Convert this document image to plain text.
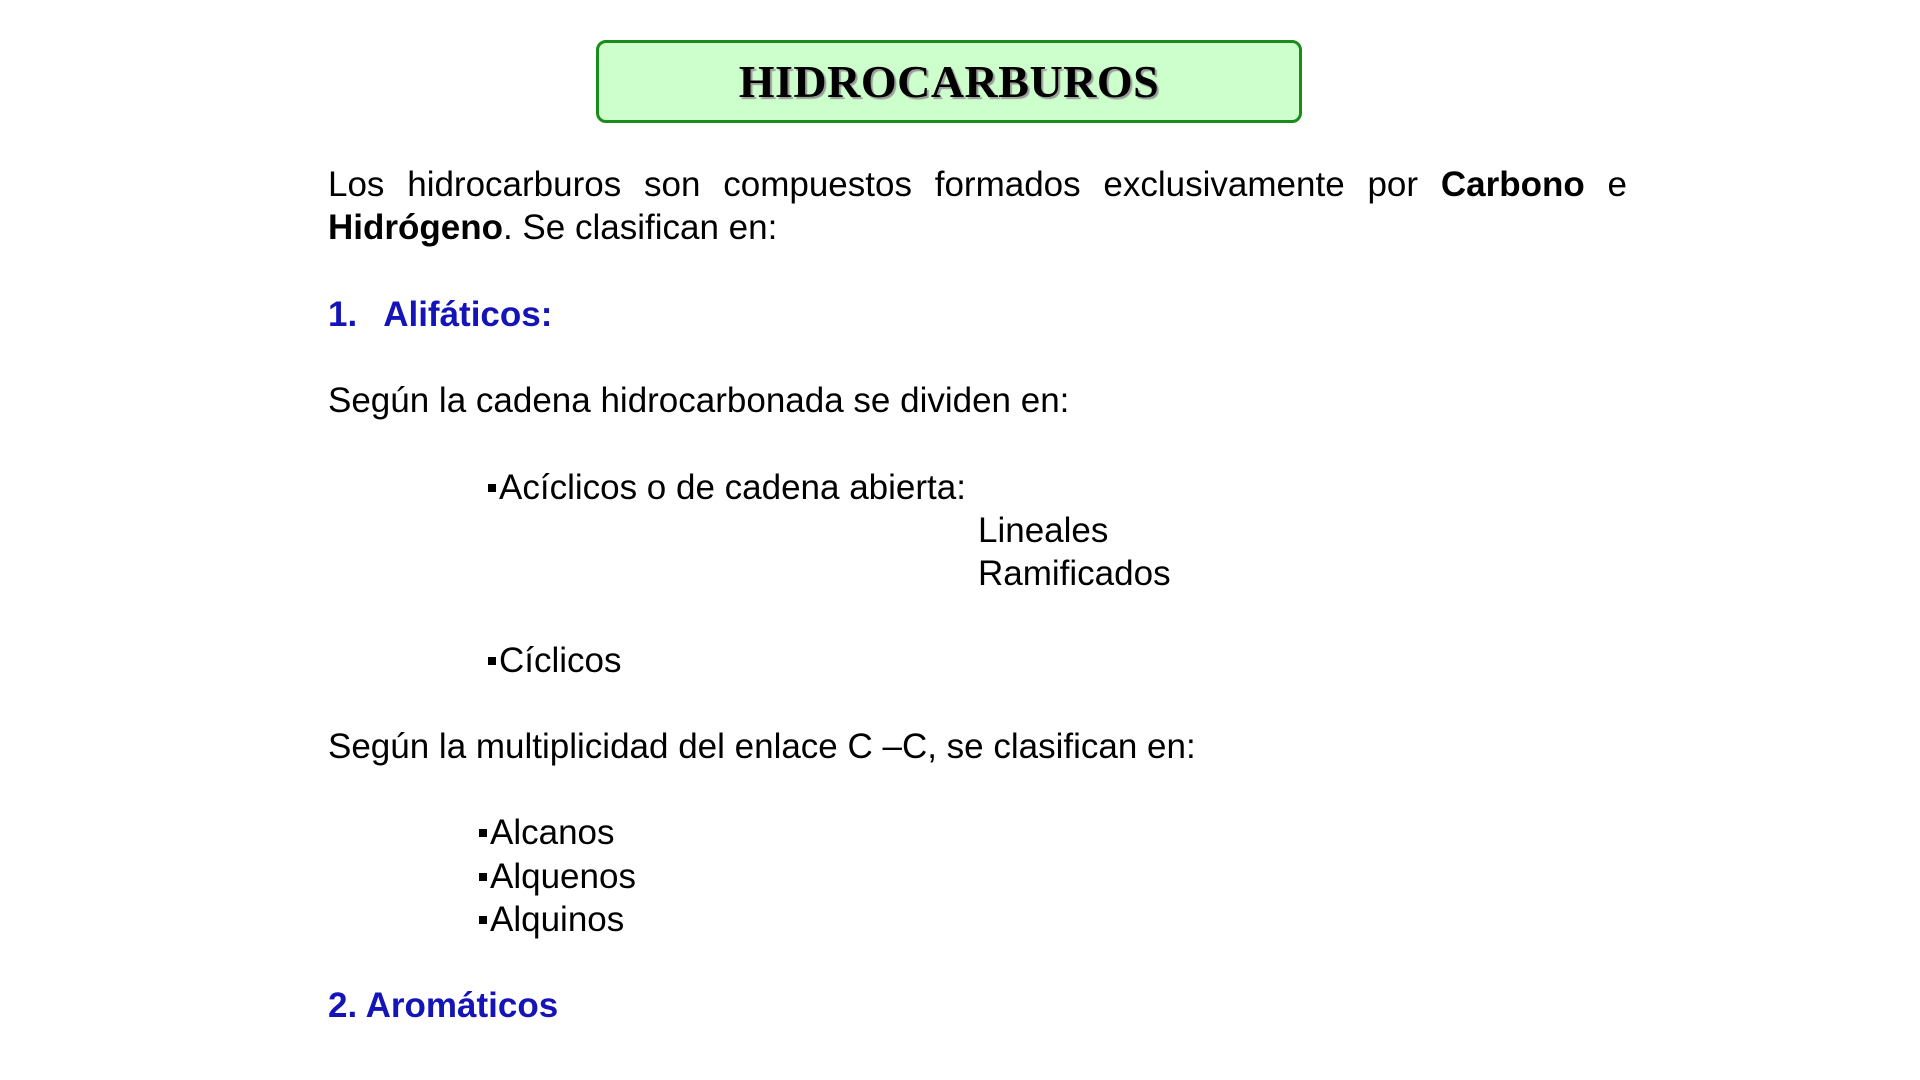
HIDROCARBUROS
Los hidrocarburos son compuestos formados exclusivamente por Carbono e Hidrógeno. Se clasifican en:
1. Alifáticos:
Según la cadena hidrocarbonada se dividen en:
Acíclicos o de cadena abierta:
Lineales
Ramificados
Cíclicos
Según la multiplicidad del enlace C –C, se clasifican en:
Alcanos
Alquenos
Alquinos
2. Aromáticos
